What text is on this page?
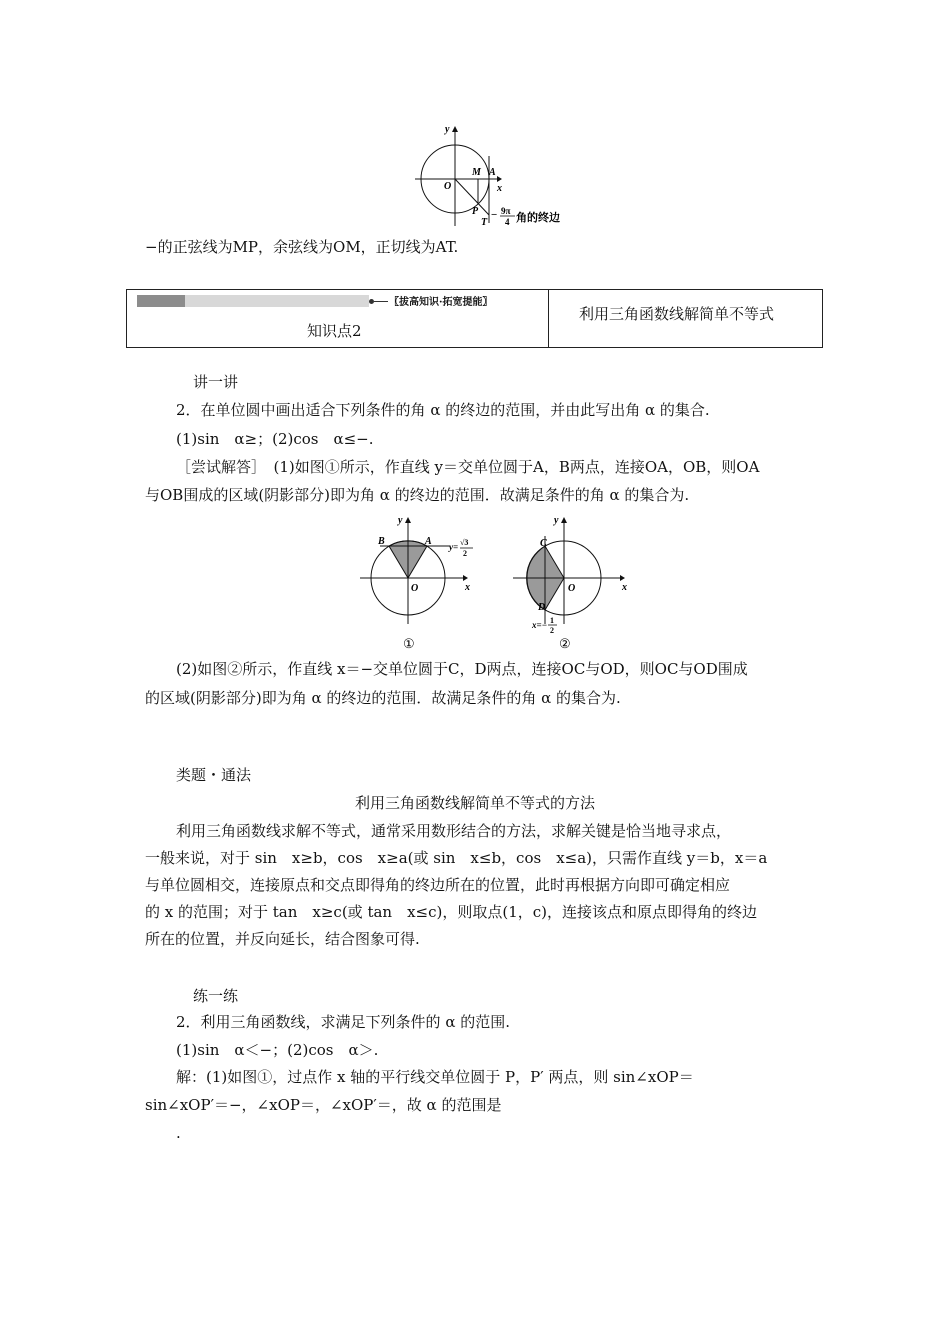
y
x
O
M A
P
T
− 9π
4 角的终边
−的正弦线为MP，余弦线为OM，正切线为AT.
〖拔高知识·拓宽提能〗
知识点2
利用三角函数线解简单不等式
讲一讲
2．在单位圆中画出适合下列条件的角 α 的终边的范围，并由此写出角 α 的集合.
(1)sin　α≥；(2)cos　α≤−.
［尝试解答］　(1)如图①所示，作直线 y＝交单位圆于A，B两点，连接OA，OB，则OA
与OB围成的区域(阴影部分)即为角 α 的终边的范围．故满足条件的角 α 的集合为.
y
x
O
B	A y= √3
2
①
y
x
O
C
D
x=− 1
2
②
(2)如图②所示，作直线 x＝−交单位圆于C，D两点，连接OC与OD，则OC与OD围成
的区域(阴影部分)即为角 α 的终边的范围．故满足条件的角 α 的集合为.
类题・通法
利用三角函数线解简单不等式的方法
利用三角函数线求解不等式，通常采用数形结合的方法，求解关键是恰当地寻求点，
一般来说，对于 sin　x≥b，cos　x≥a(或 sin　x≤b，cos　x≤a)，只需作直线 y＝b，x＝a
与单位圆相交，连接原点和交点即得角的终边所在的位置，此时再根据方向即可确定相应
的 x 的范围；对于 tan　x≥c(或 tan　x≤c)，则取点(1，c)，连接该点和原点即得角的终边
所在的位置，并反向延长，结合图象可得.
练一练
2．利用三角函数线，求满足下列条件的 α 的范围.
(1)sin　α＜−；(2)cos　α＞.
解：(1)如图①，过点作 x 轴的平行线交单位圆于 P，P′ 两点，则 sin∠xOP＝
sin∠xOP′＝−，∠xOP＝，∠xOP′＝，故 α 的范围是
.
